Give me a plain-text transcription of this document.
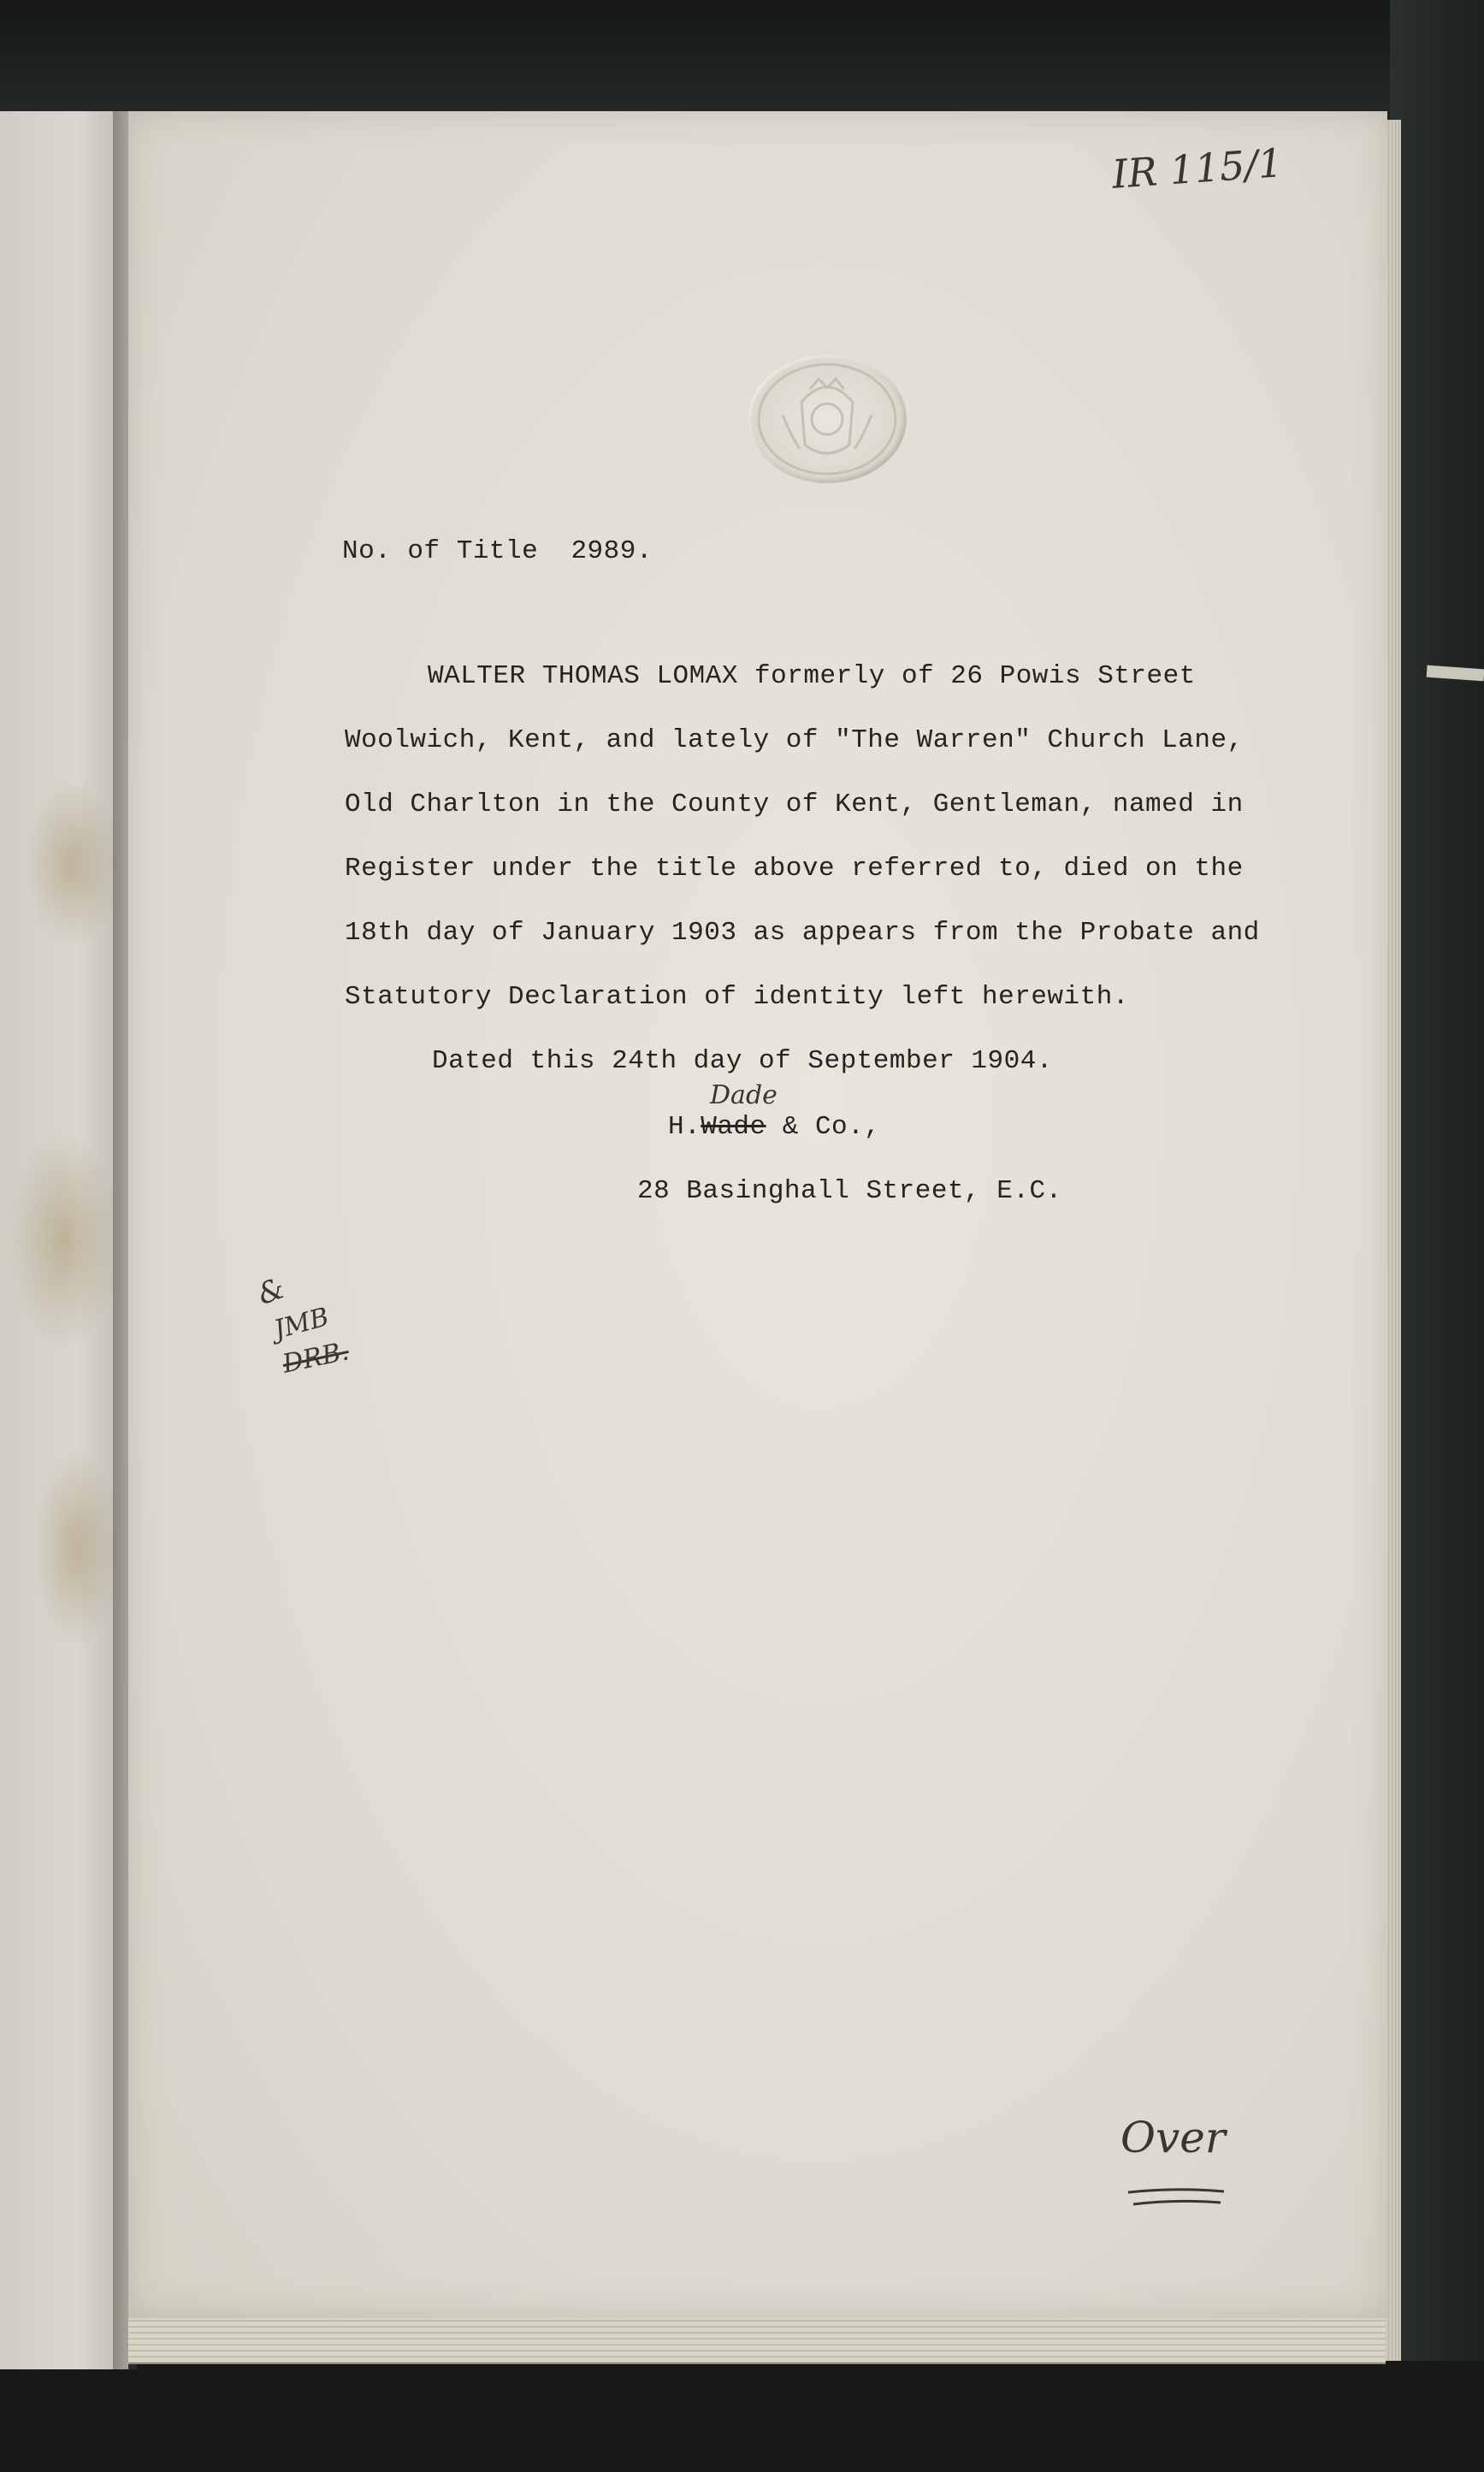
IR 115/1
No. of Title  2989.
WALTER THOMAS LOMAX formerly of 26 Powis Street
Woolwich, Kent, and lately of "The Warren" Church Lane,
Old Charlton in the County of Kent, Gentleman, named in
Register under the title above referred to, died on the
18th day of January 1903 as appears from the Probate and
Statutory Declaration of identity left herewith.
Dated this 24th day of September 1904.
Dade
H.Wade & Co.,
28 Basinghall Street, E.C.
&
JMB
DRB.
Over
